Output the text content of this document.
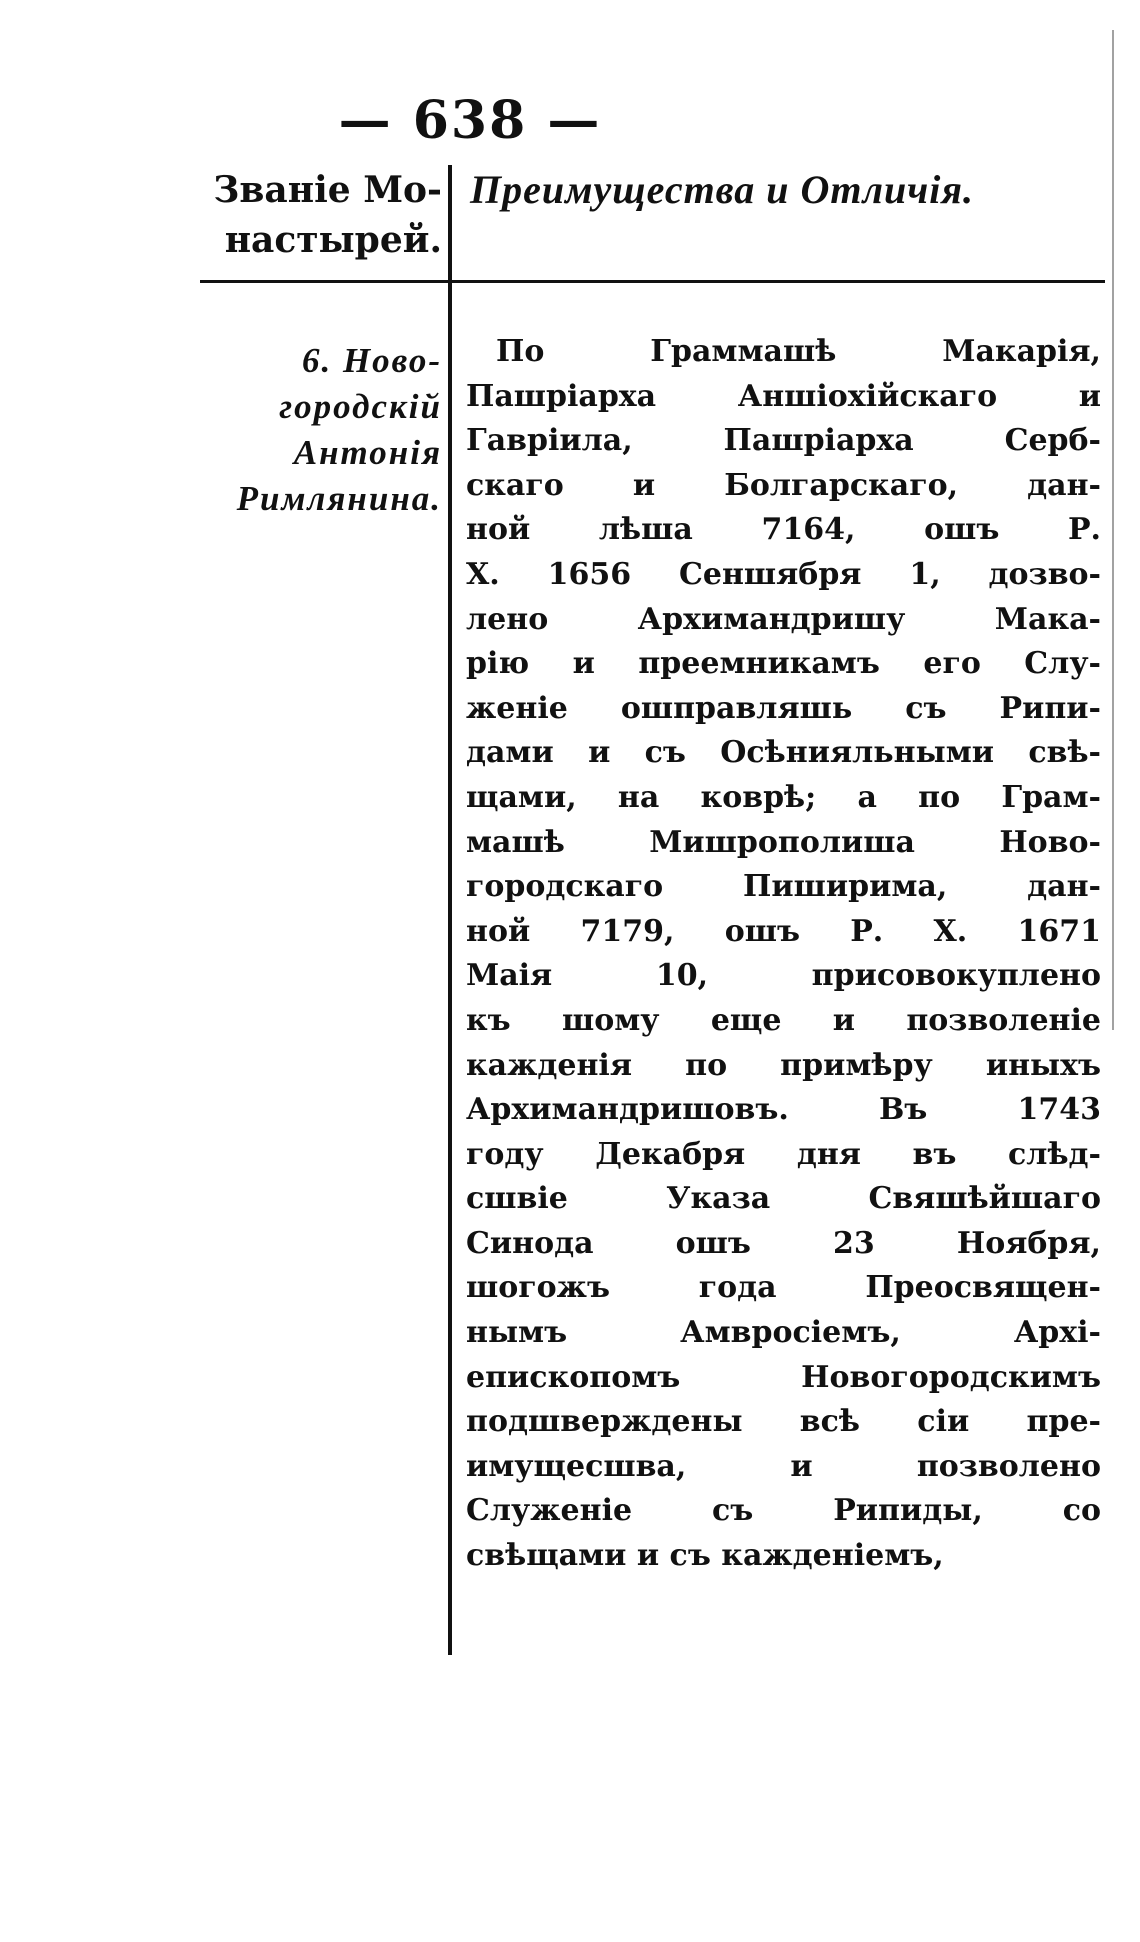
— 638 —
Званіе Мо-
настырей.
Преимущества и Отличія.
6. Ново-
городскій
Антонія
Римлянина.
По Граммашѣ Макарія,
Пашріарха Аншіохійскаго и
Гавріила, Пашріарха Серб-
скаго и Болгарскаго, дан-
ной лѣша 7164, ошъ Р.
Х. 1656 Сеншября 1, дозво-
лено Архимандришу Мака-
рію и преемникамъ его Слу-
женіе ошправляшь съ Рипи-
дами и съ Осѣнияльными свѣ-
щами, на коврѣ; а по Грам-
машѣ Мишрополиша Ново-
городскаго Пиширима, дан-
ной 7179, ошъ Р. Х. 1671
Маія 10, присовокуплено
къ шому еще и позволеніе
кажденія по примѣру иныхъ
Архимандришовъ. Въ 1743
году Декабря дня въ слѣд-
сшвіе Указа Свяшѣйшаго
Синода ошъ 23 Ноября,
шогожъ года Преосвящен-
нымъ Амвросіемъ, Архі-
епископомъ Новогородскимъ
подшверждены всѣ сіи пре-
имущесшва, и позволено
Служеніе съ Рипиды, со
свѣщами и съ кажденіемъ,
